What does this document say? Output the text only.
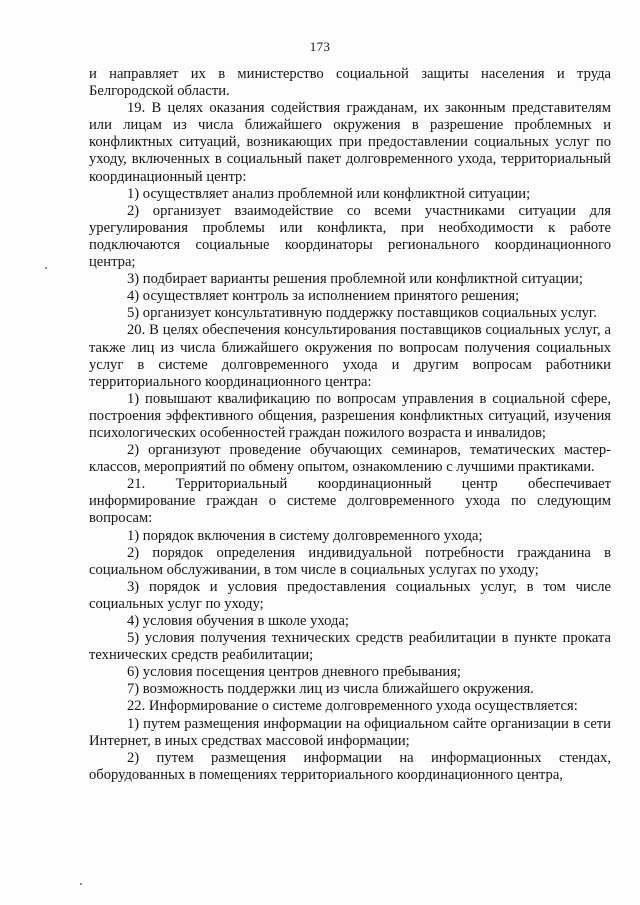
173

и направляет их в министерство социальной защиты населения и труда Белгородской области.

19. В целях оказания содействия гражданам, их законным представителям или лицам из числа ближайшего окружения в разрешение проблемных и конфликтных ситуаций, возникающих при предоставлении социальных услуг по уходу, включенных в социальный пакет долговременного ухода, территориальный координационный центр:

1) осуществляет анализ проблемной или конфликтной ситуации;

2) организует взаимодействие со всеми участниками ситуации для урегулирования проблемы или конфликта, при необходимости к работе подключаются социальные координаторы регионального координационного центра;

3) подбирает варианты решения проблемной или конфликтной ситуации;

4) осуществляет контроль за исполнением принятого решения;

5) организует консультативную поддержку поставщиков социальных услуг.

20. В целях обеспечения консультирования поставщиков социальных услуг, а также лиц из числа ближайшего окружения по вопросам получения социальных услуг в системе долговременного ухода и другим вопросам работники территориального координационного центра:

1) повышают квалификацию по вопросам управления в социальной сфере, построения эффективного общения, разрешения конфликтных ситуаций, изучения психологических особенностей граждан пожилого возраста и инвалидов;

2) организуют проведение обучающих семинаров, тематических мастер-классов, мероприятий по обмену опытом, ознакомлению с лучшими практиками.

21. Территориальный координационный центр обеспечивает информирование граждан о системе долговременного ухода по следующим вопросам:

1) порядок включения в систему долговременного ухода;

2) порядок определения индивидуальной потребности гражданина в социальном обслуживании, в том числе в социальных услугах по уходу;

3) порядок и условия предоставления социальных услуг, в том числе социальных услуг по уходу;

4) условия обучения в школе ухода;

5) условия получения технических средств реабилитации в пункте проката технических средств реабилитации;

6) условия посещения центров дневного пребывания;

7) возможность поддержки лиц из числа ближайшего окружения.

22. Информирование о системе долговременного ухода осуществляется:

1) путем размещения информации на официальном сайте организации в сети Интернет, в иных средствах массовой информации;

2) путем размещения информации на информационных стендах, оборудованных в помещениях территориального координационного центра,
